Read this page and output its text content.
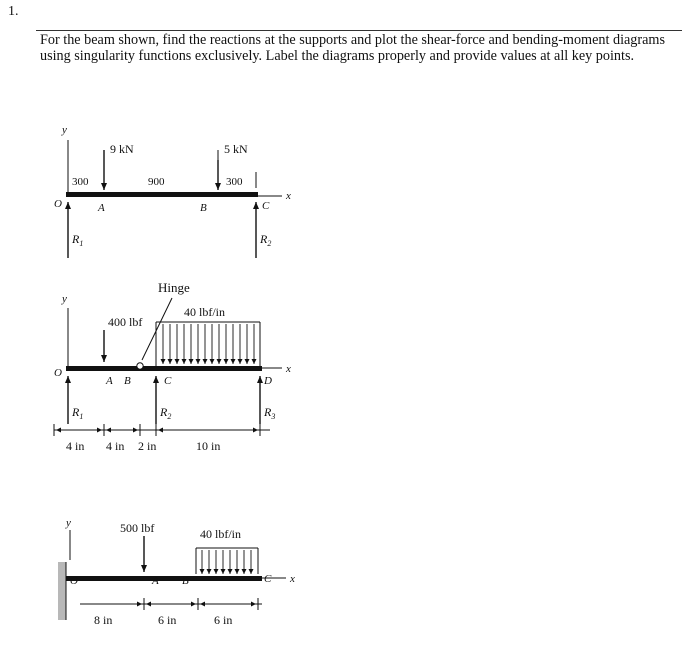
1.

For the beam shown, find the reactions at the supports and plot the shear-force and bending-moment diagrams using singularity functions exclusively. Label the diagrams properly and provide values at all key points.

y
x
O
9 kN	5 kN
300	900	300
A	B	C
$R_1$	$R_2$
y
x
O
Hinge
400 lbf
40 lbf/in
A B	C	D
$R_1$	$R_2$	$R_3$
4 in 4 in 2 in	10 in
y
x
O
500 lbf	40 lbf/in
A B	C
8 in	6 in	6 in
